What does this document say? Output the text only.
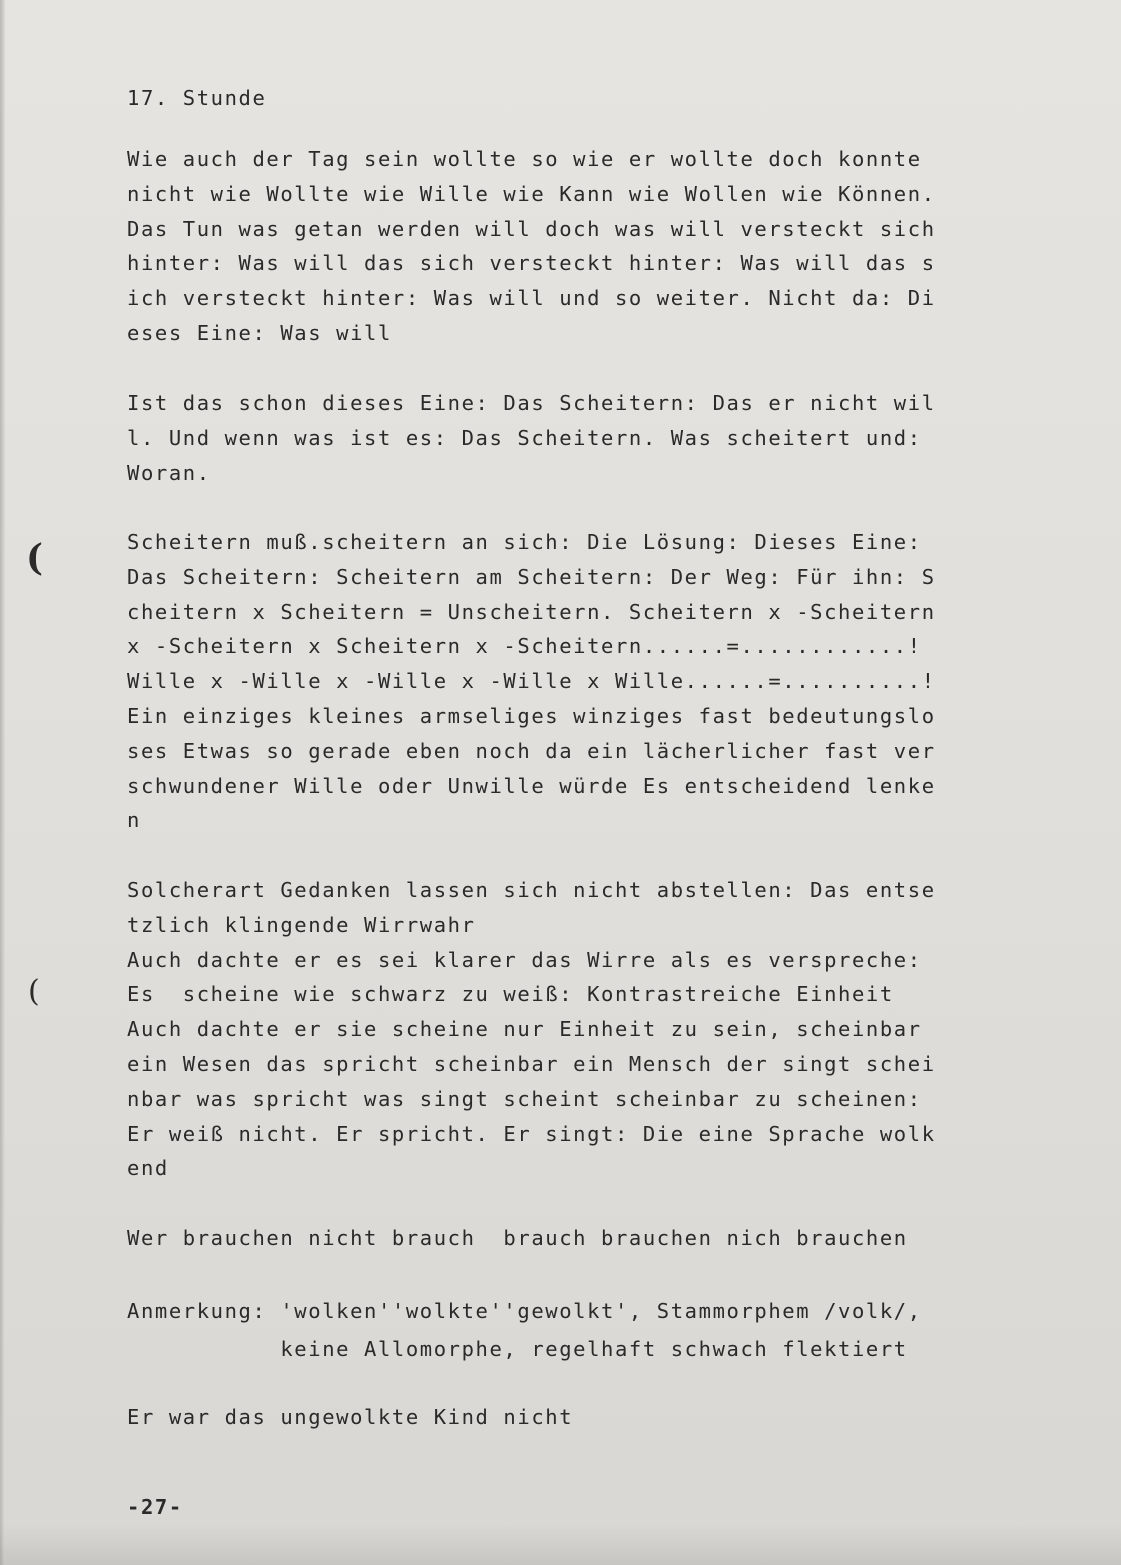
17. Stunde
Wie auch der Tag sein wollte so wie er wollte doch konnte
nicht wie Wollte wie Wille wie Kann wie Wollen wie Können.
Das Tun was getan werden will doch was will versteckt sich
hinter: Was will das sich versteckt hinter: Was will das s
ich versteckt hinter: Was will und so weiter. Nicht da: Di
eses Eine: Was will
Ist das schon dieses Eine: Das Scheitern: Das er nicht wil
l. Und wenn was ist es: Das Scheitern. Was scheitert und:
Woran.
Scheitern muß.scheitern an sich: Die Lösung: Dieses Eine:
Das Scheitern: Scheitern am Scheitern: Der Weg: Für ihn: S
cheitern x Scheitern = Unscheitern. Scheitern x -Scheitern
x -Scheitern x Scheitern x -Scheitern......=............!
Wille x -Wille x -Wille x -Wille x Wille......=..........!
Ein einziges kleines armseliges winziges fast bedeutungslo
ses Etwas so gerade eben noch da ein lächerlicher fast ver
schwundener Wille oder Unwille würde Es entscheidend lenke
n
Solcherart Gedanken lassen sich nicht abstellen: Das entse
tzlich klingende Wirrwahr
Auch dachte er es sei klarer das Wirre als es verspreche:
Es  scheine wie schwarz zu weiß: Kontrastreiche Einheit
Auch dachte er sie scheine nur Einheit zu sein, scheinbar
ein Wesen das spricht scheinbar ein Mensch der singt schei
nbar was spricht was singt scheint scheinbar zu scheinen:
Er weiß nicht. Er spricht. Er singt: Die eine Sprache wolk
end
Wer brauchen nicht brauch  brauch brauchen nich brauchen
Anmerkung: 'wolken''wolkte''gewolkt', Stammorphem /volk/,
keine Allomorphe, regelhaft schwach flektiert
Er war das ungewolkte Kind nicht
-27-
(
(
